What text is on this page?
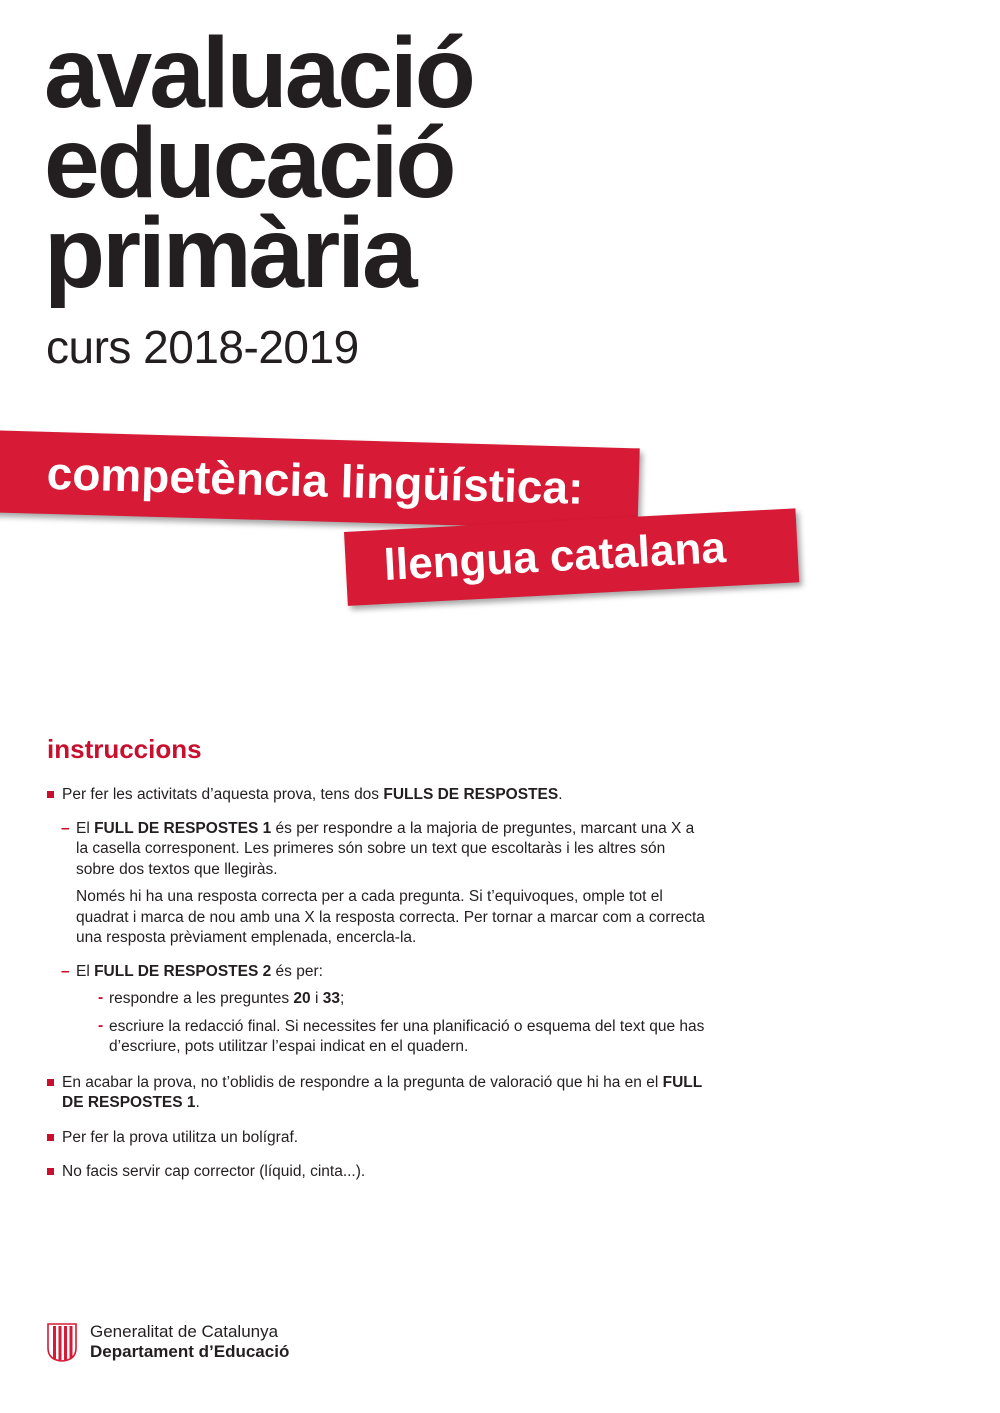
avaluació
educació
primària
curs 2018-2019
competència lingüística:
llengua catalana
instruccions
Per fer les activitats d’aquesta prova, tens dos FULLS DE RESPOSTES.
– El FULL DE RESPOSTES 1 és per respondre a la majoria de preguntes, marcant una X a la casella corresponent. Les primeres són sobre un text que escoltaràs i les altres són sobre dos textos que llegiràs.
Només hi ha una resposta correcta per a cada pregunta. Si t’equivoques, omple tot el quadrat i marca de nou amb una X la resposta correcta. Per tornar a marcar com a correcta una resposta prèviament emplenada, encercla-la.
– El FULL DE RESPOSTES 2 és per:
- respondre a les preguntes 20 i 33;
- escriure la redacció final. Si necessites fer una planificació o esquema del text que has d’escriure, pots utilitzar l’espai indicat en el quadern.
En acabar la prova, no t’oblidis de respondre a la pregunta de valoració que hi ha en el FULL DE RESPOSTES 1.
Per fer la prova utilitza un bolígraf.
No facis servir cap corrector (líquid, cinta...).
Generalitat de Catalunya
Departament d’Educació
